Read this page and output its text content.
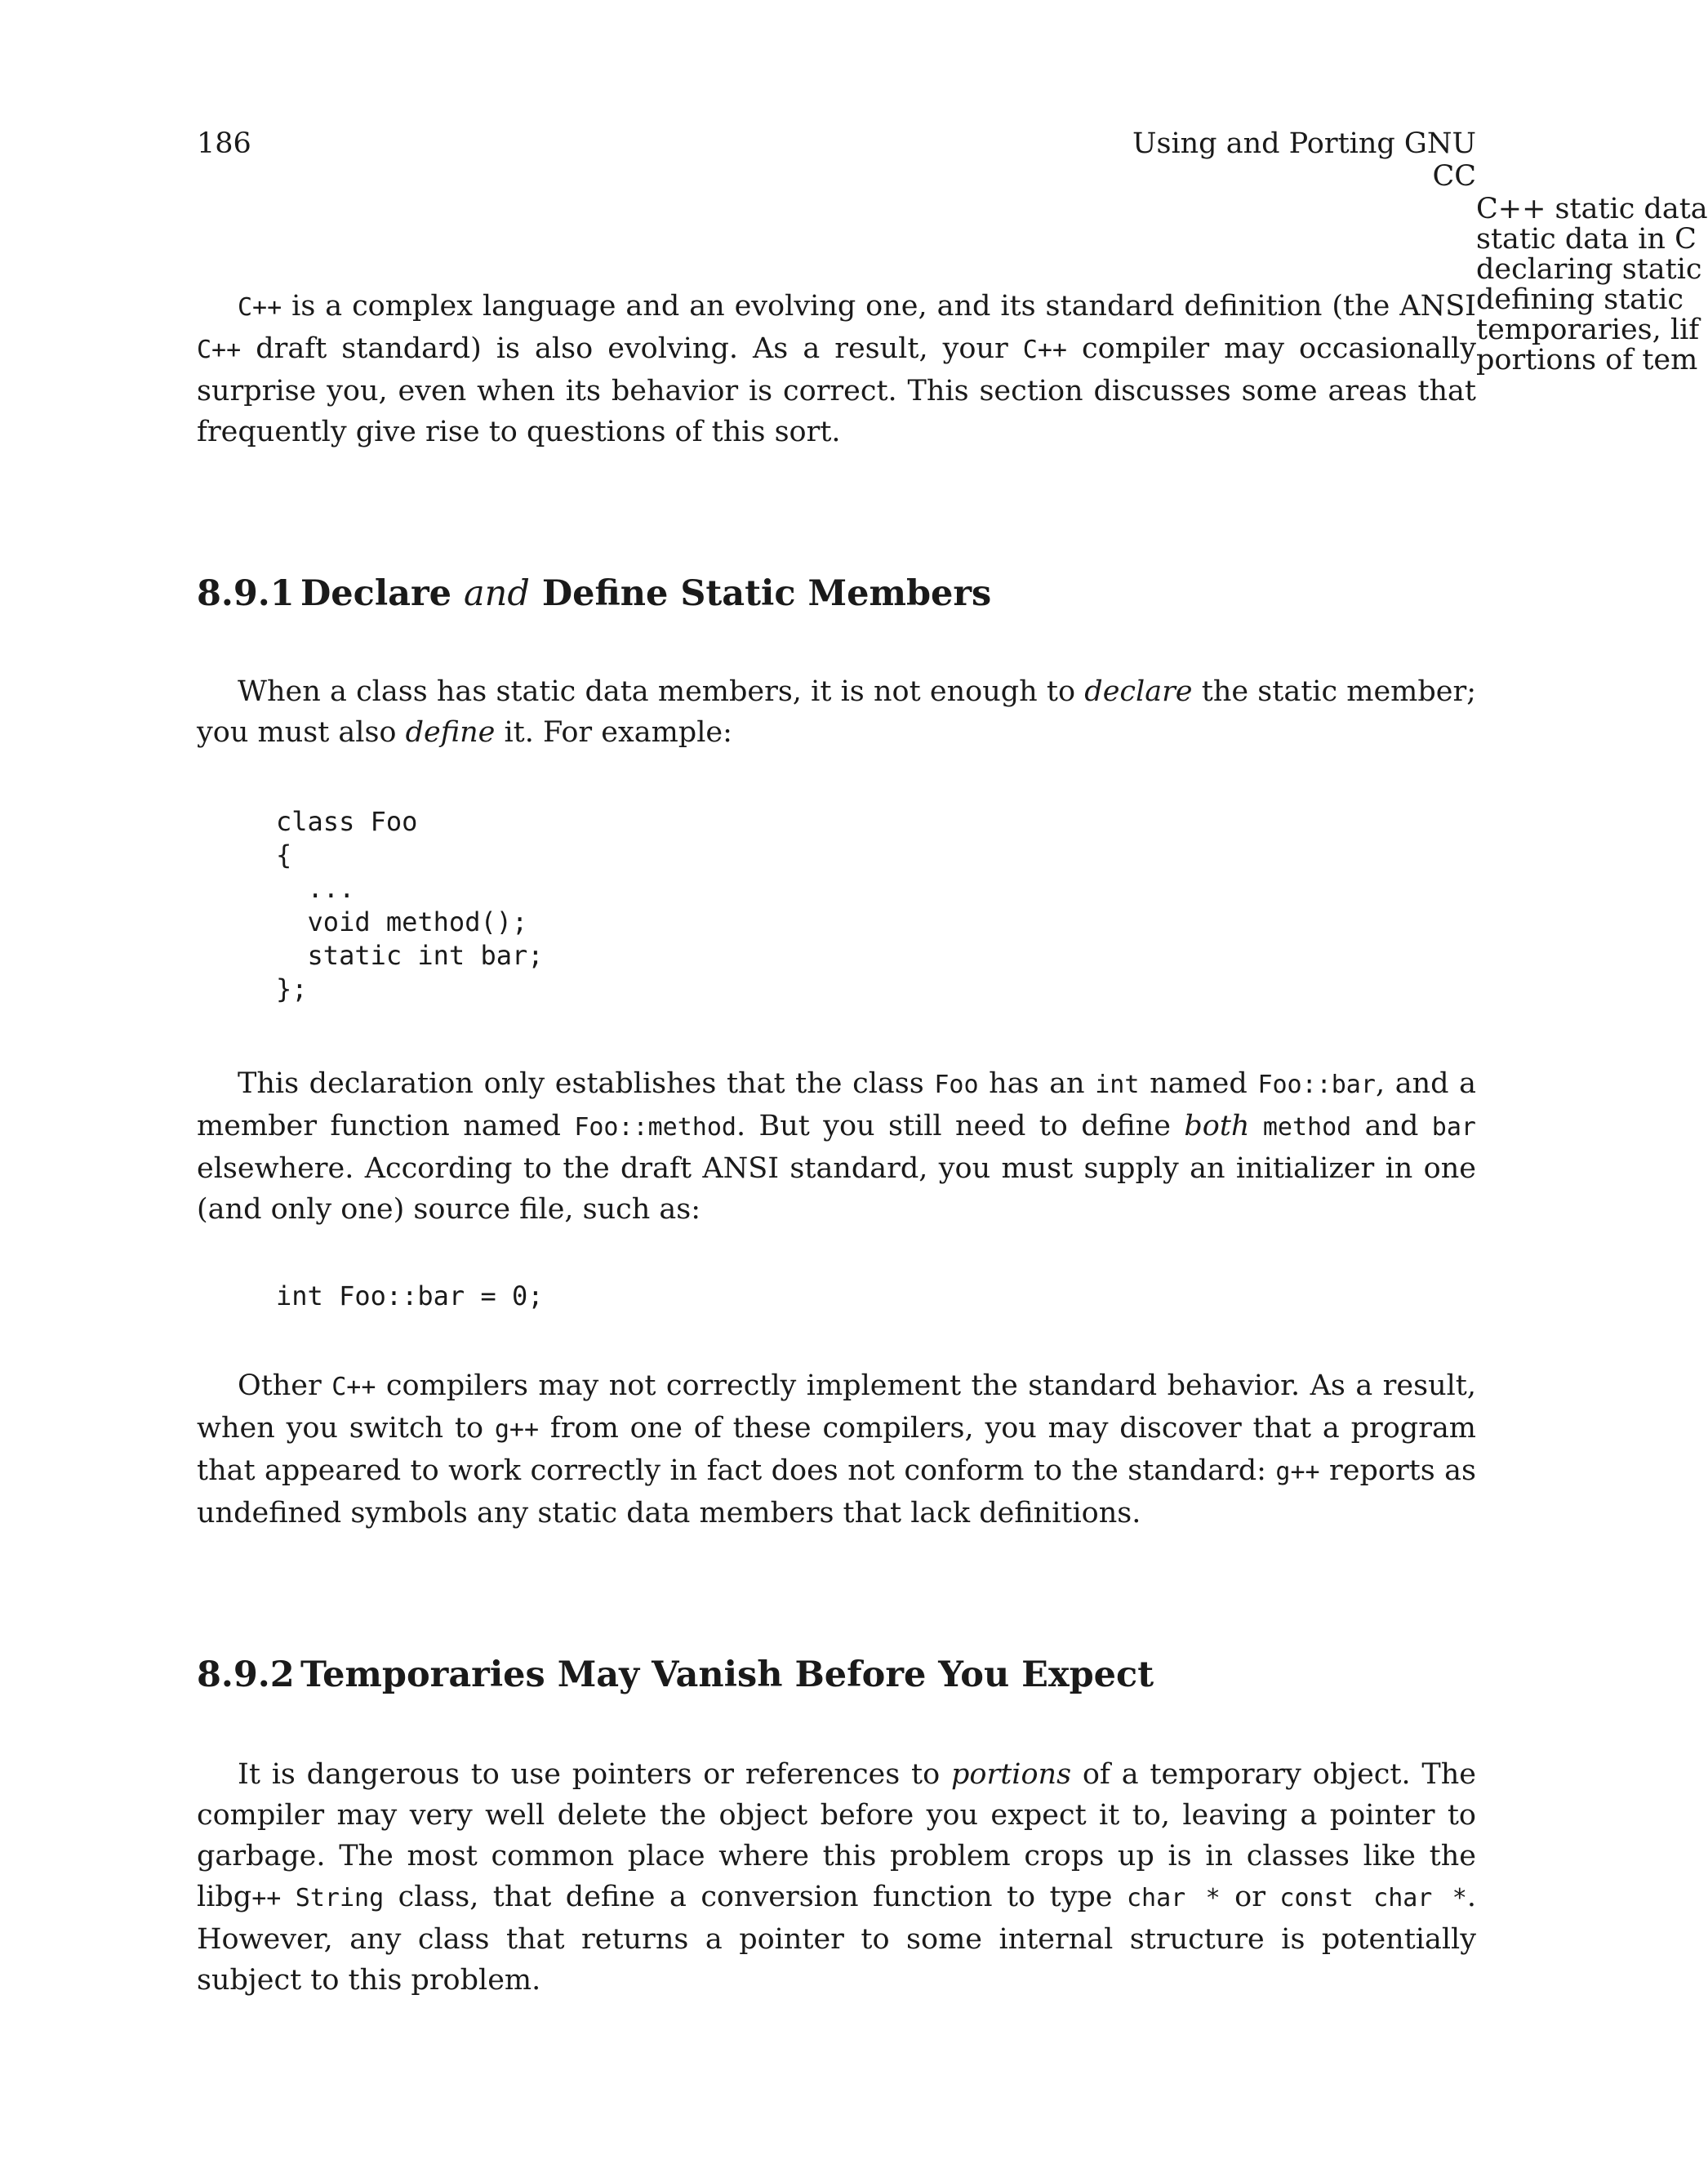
186	Using and Porting GNU CC
C++ static data
static data in C
declaring static
defining static
temporaries, lif
portions of tem

C++ is a complex language and an evolving one, and its standard definition (the ANSI C++ draft standard) is also evolving. As a result, your C++ compiler may occasionally surprise you, even when its behavior is correct. This section discusses some areas that frequently give rise to questions of this sort.

8.9.1 Declare and Define Static Members

When a class has static data members, it is not enough to declare the static member; you must also define it. For example:

class Foo
{
...
void method();
static int bar;
};

This declaration only establishes that the class Foo has an int named Foo::bar, and a member function named Foo::method. But you still need to define both method and bar elsewhere. According to the draft ANSI standard, you must supply an initializer in one (and only one) source file, such as:

int Foo::bar = 0;

Other C++ compilers may not correctly implement the standard behavior. As a result, when you switch to g++ from one of these compilers, you may discover that a program that appeared to work correctly in fact does not conform to the standard: g++ reports as undefined symbols any static data members that lack definitions.

8.9.2 Temporaries May Vanish Before You Expect

It is dangerous to use pointers or references to portions of a temporary object. The compiler may very well delete the object before you expect it to, leaving a pointer to garbage. The most common place where this problem crops up is in classes like the libg++ String class, that define a conversion function to type char * or const char *. However, any class that returns a pointer to some internal structure is potentially subject to this problem.
